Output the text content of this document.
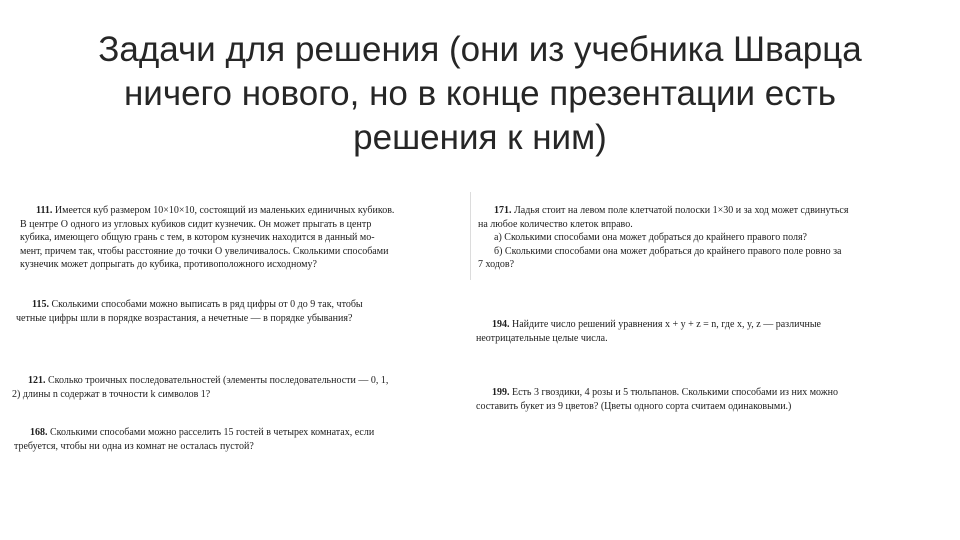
Задачи для решения (они из учебника Шварца
ничего нового, но в конце презентации есть
решения к ним)
111. Имеется куб размером 10×10×10, состоящий из маленьких единичных кубиков.
В центре О одного из угловых кубиков сидит кузнечик. Он может прыгать в центр
кубика, имеющего общую грань с тем, в котором кузнечик находится в данный мо-
мент, причем так, чтобы расстояние до точки О увеличивалось. Сколькими способами
кузнечик может допрыгать до кубика, противоположного исходному?
115. Сколькими способами можно выписать в ряд цифры от 0 до 9 так, чтобы
четные цифры шли в порядке возрастания, а нечетные — в порядке убывания?
121. Сколько троичных последовательностей (элементы последовательности — 0, 1,
2) длины n содержат в точности k символов 1?
168. Сколькими способами можно расселить 15 гостей в четырех комнатах, если
требуется, чтобы ни одна из комнат не осталась пустой?
171. Ладья стоит на левом поле клетчатой полоски 1×30 и за ход может сдвинуться
на любое количество клеток вправо.
а) Сколькими способами она может добраться до крайнего правого поля?
б) Сколькими способами она может добраться до крайнего правого поле ровно за
7 ходов?
194. Найдите число решений уравнения x + y + z = n, где x, y, z — различные
неотрицательные целые числа.
199. Есть 3 гвоздики, 4 розы и 5 тюльпанов. Сколькими способами из них можно
составить букет из 9 цветов? (Цветы одного сорта считаем одинаковыми.)
